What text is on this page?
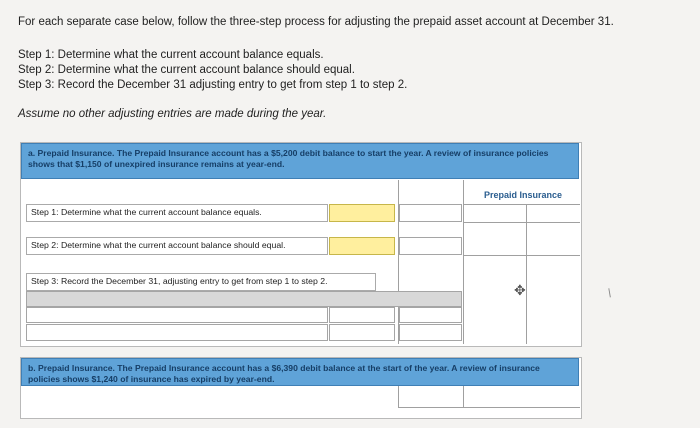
For each separate case below, follow the three-step process for adjusting the prepaid asset account at December 31.
Step 1: Determine what the current account balance equals.
Step 2: Determine what the current account balance should equal.
Step 3: Record the December 31 adjusting entry to get from step 1 to step 2.
Assume no other adjusting entries are made during the year.
a. Prepaid Insurance. The Prepaid Insurance account has a $5,200 debit balance to start the year. A review of insurance policies shows that $1,150 of unexpired insurance remains at year-end.
Prepaid Insurance
Step 1: Determine what the current account balance equals.
Step 2: Determine what the current account balance should equal.
Step 3: Record the December 31, adjusting entry to get from step 1 to step 2.
✥	/
b. Prepaid Insurance. The Prepaid Insurance account has a $6,390 debit balance at the start of the year. A review of insurance policies shows $1,240 of insurance has expired by year-end.
